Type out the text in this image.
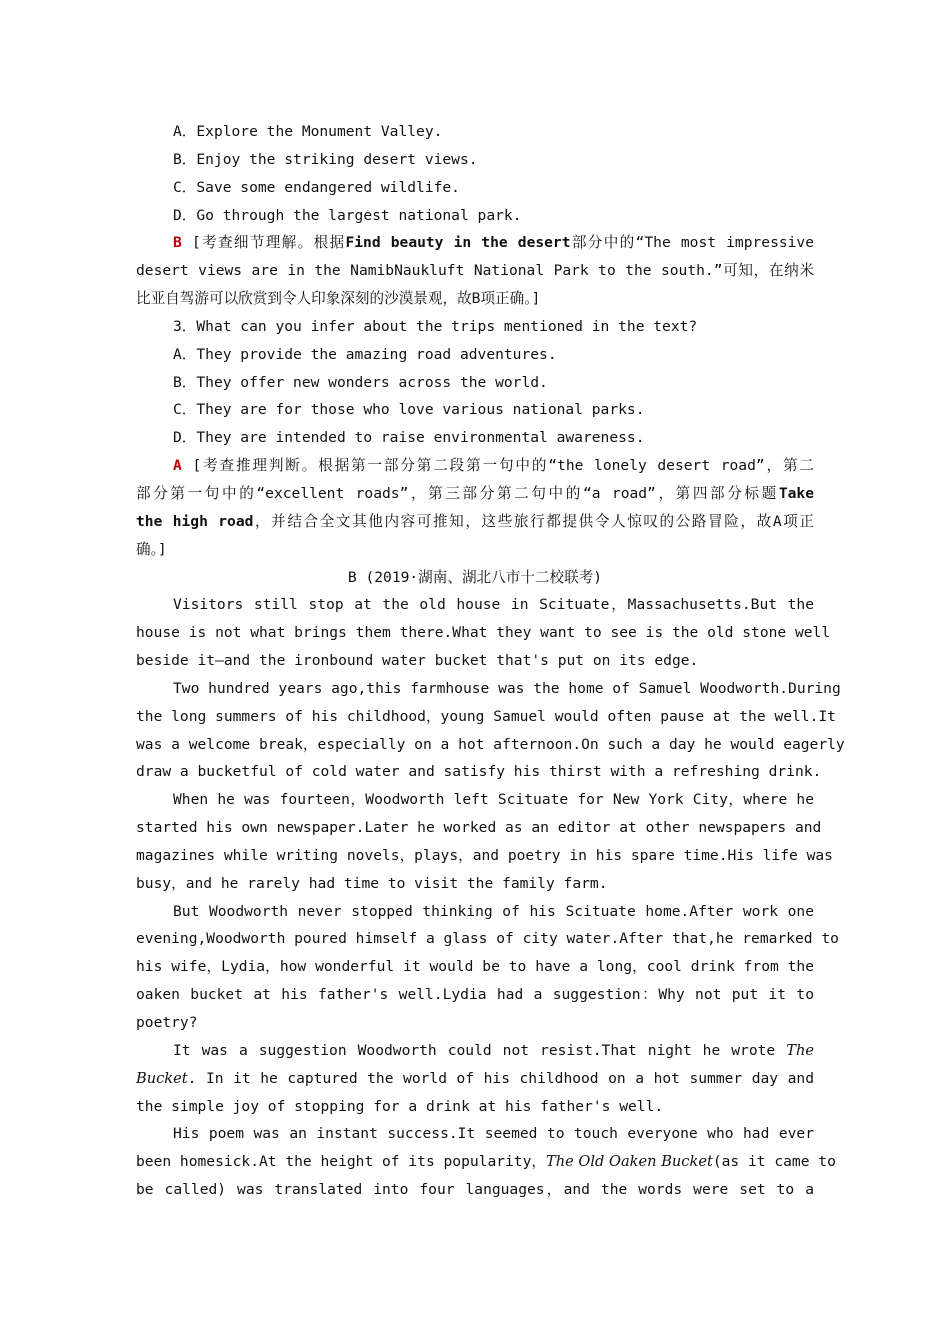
A．Explore the Monument Valley.
B．Enjoy the striking desert views.
C．Save some endangered wildlife.
D．Go through the largest national park.
B [考查细节理解。根据Find beauty in the desert部分中的“The most impressive
desert views are in the NamibNaukluft National Park to the south.”可知，在纳米
比亚自驾游可以欣赏到令人印象深刻的沙漠景观，故B项正确。]
3．What can you infer about the trips mentioned in the text?
A．They provide the amazing road adventures.
B．They offer new wonders across the world.
C．They are for those who love various national parks.
D．They are intended to raise environmental awareness.
A [考查推理判断。根据第一部分第二段第一句中的“the lonely desert road”，第二
部分第一句中的“excellent roads”，第三部分第二句中的“a road”，第四部分标题Take
the high road，并结合全文其他内容可推知，这些旅行都提供令人惊叹的公路冒险，故A项正
确。]
B (2019·湖南、湖北八市十二校联考)
Visitors still stop at the old house in Scituate，Massachusetts.But the
house is not what brings them there.What they want to see is the old stone well
beside it—and the ironbound water bucket that's put on its edge.
Two hundred years ago,this farmhouse was the home of Samuel Woodworth.During
the long summers of his childhood，young Samuel would often pause at the well.It
was a welcome break，especially on a hot afternoon.On such a day he would eagerly
draw a bucketful of cold water and satisfy his thirst with a refreshing drink.
When he was fourteen，Woodworth left Scituate for New York City，where he
started his own newspaper.Later he worked as an editor at other newspapers and
magazines while writing novels，plays，and poetry in his spare time.His life was
busy，and he rarely had time to visit the family farm.
But Woodworth never stopped thinking of his Scituate home.After work one
evening,Woodworth poured himself a glass of city water.After that,he remarked to
his wife，Lydia，how wonderful it would be to have a long，cool drink from the
oaken bucket at his father's well.Lydia had a suggestion：Why not put it to
poetry?
It was a suggestion Woodworth could not resist.That night he wrote The
Bucket. In it he captured the world of his childhood on a hot summer day and
the simple joy of stopping for a drink at his father's well.
His poem was an instant success.It seemed to touch everyone who had ever
been homesick.At the height of its popularity，The Old Oaken Bucket(as it came to
be called) was translated into four languages，and the words were set to a
